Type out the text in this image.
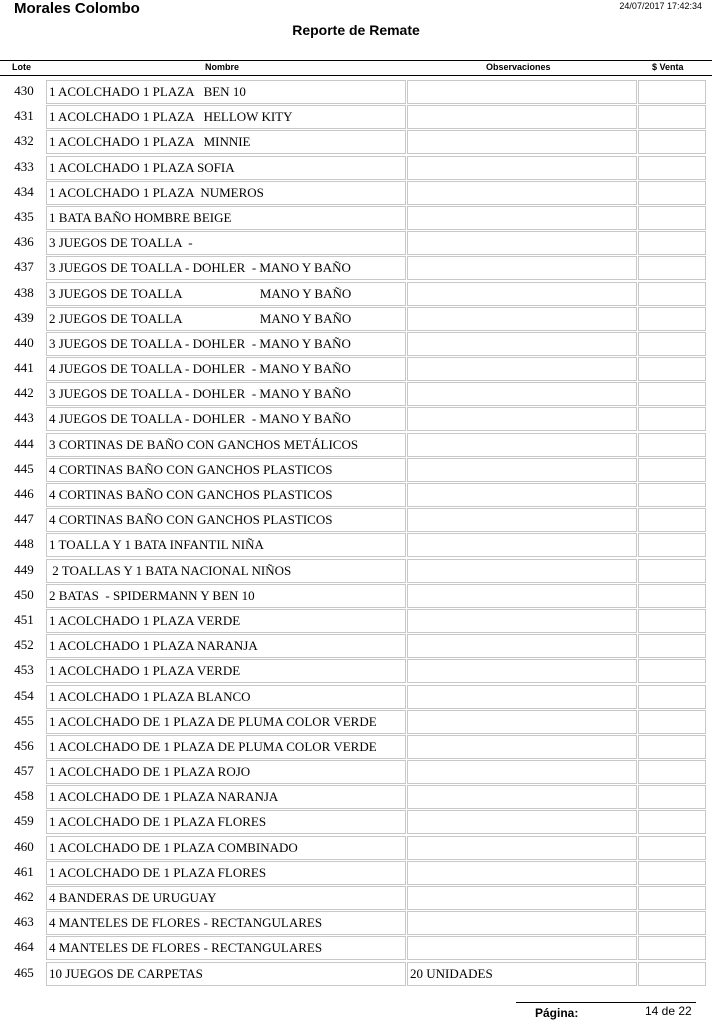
Morales Colombo	24/07/2017 17:42:34
Reporte de Remate
Lote	Nombre	Observaciones	$ Venta
430	1 ACOLCHADO 1 PLAZA   BEN 10
431	1 ACOLCHADO 1 PLAZA   HELLOW KITY
432	1 ACOLCHADO 1 PLAZA   MINNIE
433	1 ACOLCHADO 1 PLAZA SOFIA
434	1 ACOLCHADO 1 PLAZA  NUMEROS
435	1 BATA BAÑO HOMBRE BEIGE
436	3 JUEGOS DE TOALLA  -
437	3 JUEGOS DE TOALLA - DOHLER  - MANO Y BAÑO
438	3 JUEGOS DE TOALLA                        MANO Y BAÑO
439	2 JUEGOS DE TOALLA                        MANO Y BAÑO
440	3 JUEGOS DE TOALLA - DOHLER  - MANO Y BAÑO
441	4 JUEGOS DE TOALLA - DOHLER  - MANO Y BAÑO
442	3 JUEGOS DE TOALLA - DOHLER  - MANO Y BAÑO
443	4 JUEGOS DE TOALLA - DOHLER  - MANO Y BAÑO
444	3 CORTINAS DE BAÑO CON GANCHOS METÁLICOS
445	4 CORTINAS BAÑO CON GANCHOS PLASTICOS
446	4 CORTINAS BAÑO CON GANCHOS PLASTICOS
447	4 CORTINAS BAÑO CON GANCHOS PLASTICOS
448	1 TOALLA Y 1 BATA INFANTIL NIÑA
449	2 TOALLAS Y 1 BATA NACIONAL NIÑOS
450	2 BATAS  - SPIDERMANN Y BEN 10
451	1 ACOLCHADO 1 PLAZA VERDE
452	1 ACOLCHADO 1 PLAZA NARANJA
453	1 ACOLCHADO 1 PLAZA VERDE
454	1 ACOLCHADO 1 PLAZA BLANCO
455	1 ACOLCHADO DE 1 PLAZA DE PLUMA COLOR VERDE
456	1 ACOLCHADO DE 1 PLAZA DE PLUMA COLOR VERDE
457	1 ACOLCHADO DE 1 PLAZA ROJO
458	1 ACOLCHADO DE 1 PLAZA NARANJA
459	1 ACOLCHADO DE 1 PLAZA FLORES
460	1 ACOLCHADO DE 1 PLAZA COMBINADO
461	1 ACOLCHADO DE 1 PLAZA FLORES
462	4 BANDERAS DE URUGUAY
463	4 MANTELES DE FLORES - RECTANGULARES
464	4 MANTELES DE FLORES - RECTANGULARES
465	10 JUEGOS DE CARPETAS	20 UNIDADES
Página:	14 de 22
